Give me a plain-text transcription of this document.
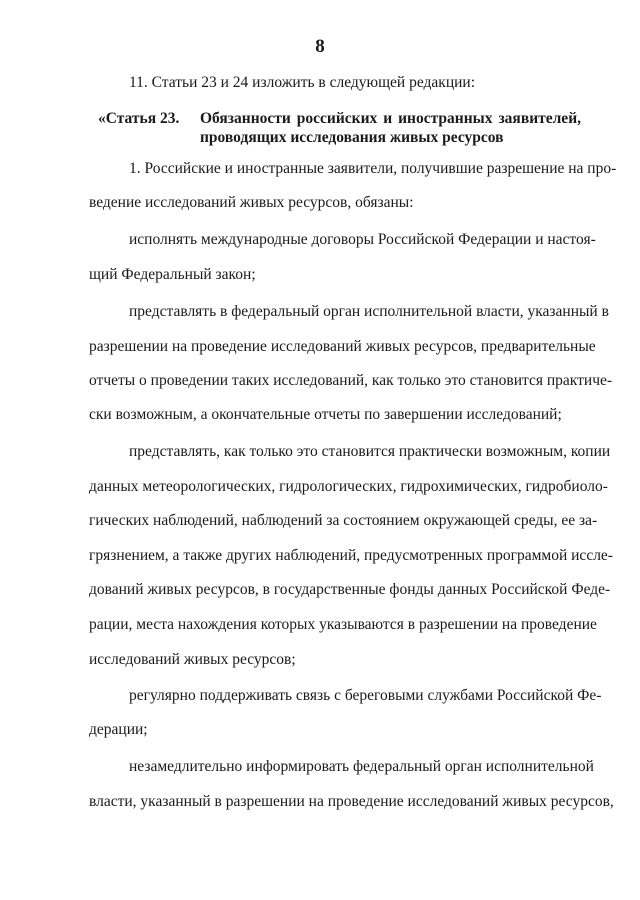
8
11. Статьи 23 и 24 изложить в следующей редакции:
«Статья 23. Обязанности российских и иностранных заявителей,
проводящих исследования живых ресурсов
1. Российские и иностранные заявители, получившие разрешение на про-
ведение исследований живых ресурсов, обязаны:
исполнять международные договоры Российской Федерации и настоя-
щий Федеральный закон;
представлять в федеральный орган исполнительной власти, указанный в
разрешении на проведение исследований живых ресурсов, предварительные
отчеты о проведении таких исследований, как только это становится практиче-
ски возможным, а окончательные отчеты по завершении исследований;
представлять, как только это становится практически возможным, копии
данных метеорологических, гидрологических, гидрохимических, гидробиоло-
гических наблюдений, наблюдений за состоянием окружающей среды, ее за-
грязнением, а также других наблюдений, предусмотренных программой иссле-
дований живых ресурсов, в государственные фонды данных Российской Феде-
рации, места нахождения которых указываются в разрешении на проведение
исследований живых ресурсов;
регулярно поддерживать связь с береговыми службами Российской Фе-
дерации;
незамедлительно информировать федеральный орган исполнительной
власти, указанный в разрешении на проведение исследований живых ресурсов,
